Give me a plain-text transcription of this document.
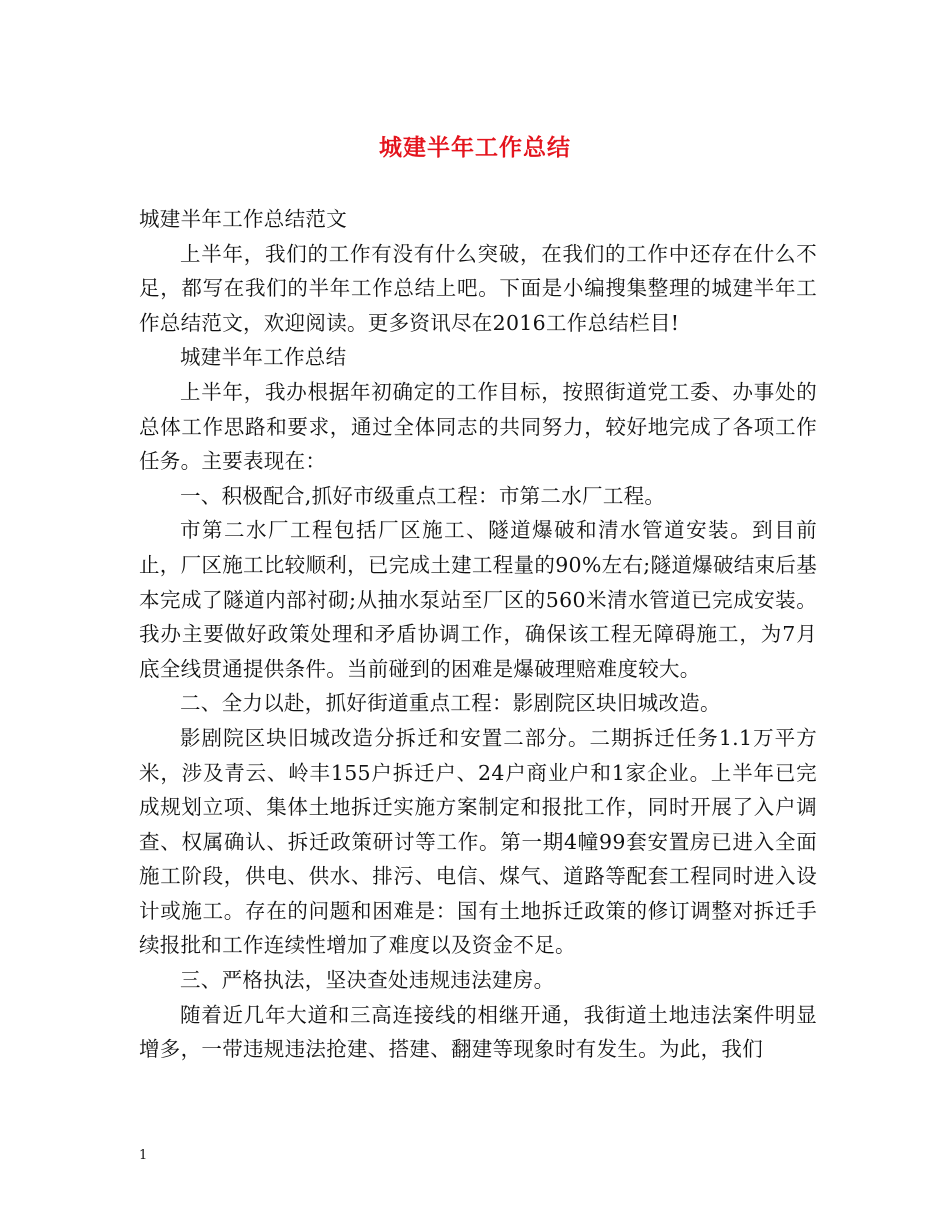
城建半年工作总结

城建半年工作总结范文

上半年，我们的工作有没有什么突破，在我们的工作中还存在什么不足，都写在我们的半年工作总结上吧。下面是小编搜集整理的城建半年工作总结范文，欢迎阅读。更多资讯尽在2016工作总结栏目!

城建半年工作总结

上半年，我办根据年初确定的工作目标，按照街道党工委、办事处的总体工作思路和要求，通过全体同志的共同努力，较好地完成了各项工作任务。主要表现在：

一、积极配合,抓好市级重点工程：市第二水厂工程。

市第二水厂工程包括厂区施工、隧道爆破和清水管道安装。到目前止，厂区施工比较顺利，已完成土建工程量的90%左右;隧道爆破结束后基本完成了隧道内部衬砌;从抽水泵站至厂区的560米清水管道已完成安装。我办主要做好政策处理和矛盾协调工作，确保该工程无障碍施工，为7月底全线贯通提供条件。当前碰到的困难是爆破理赔难度较大。

二、全力以赴，抓好街道重点工程：影剧院区块旧城改造。

影剧院区块旧城改造分拆迁和安置二部分。二期拆迁任务1.1万平方米，涉及青云、岭丰155户拆迁户、24户商业户和1家企业。上半年已完成规划立项、集体土地拆迁实施方案制定和报批工作，同时开展了入户调查、权属确认、拆迁政策研讨等工作。第一期4幢99套安置房已进入全面施工阶段，供电、供水、排污、电信、煤气、道路等配套工程同时进入设计或施工。存在的问题和困难是：国有土地拆迁政策的修订调整对拆迁手续报批和工作连续性增加了难度以及资金不足。

三、严格执法，坚决查处违规违法建房。

随着近几年大道和三高连接线的相继开通，我街道土地违法案件明显增多，一带违规违法抢建、搭建、翻建等现象时有发生。为此，我们

1
